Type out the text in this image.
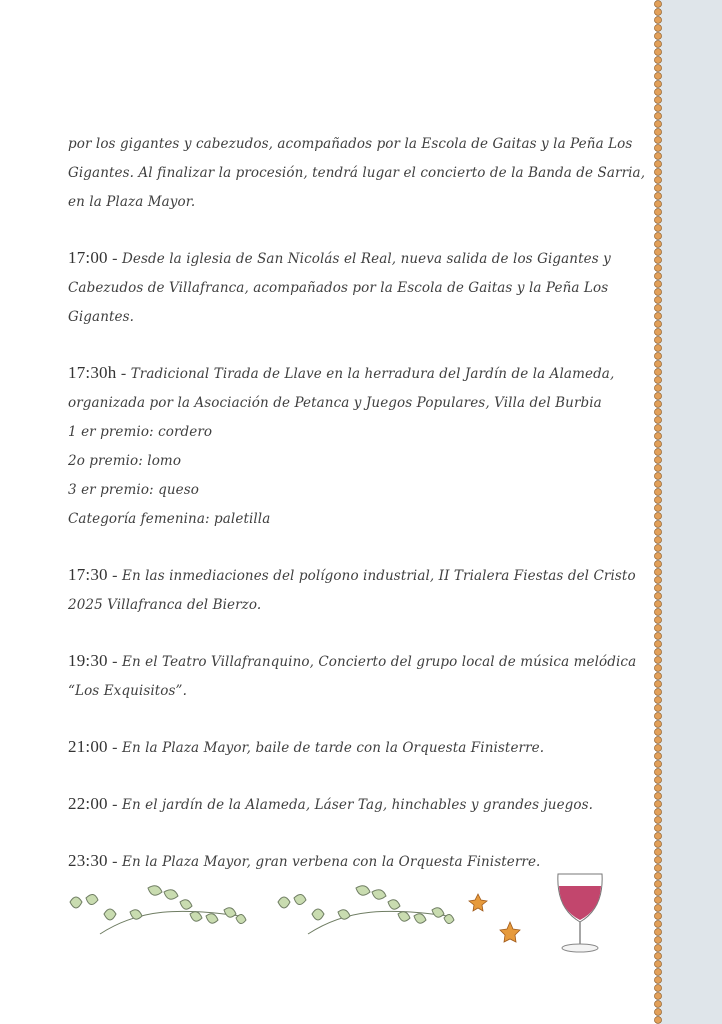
por los gigantes y cabezudos, acompañados por la Escola de Gaitas y la Peña Los
Gigantes. Al finalizar la procesión, tendrá lugar el concierto de la Banda de Sarria,
en la Plaza Mayor.

17:00 - Desde la iglesia de San Nicolás el Real, nueva salida de los Gigantes y
Cabezudos de Villafranca, acompañados por la Escola de Gaitas y la Peña Los
Gigantes.

17:30h - Tradicional Tirada de Llave en la herradura del Jardín de la Alameda,
organizada por la Asociación de Petanca y Juegos Populares, Villa del Burbia
1 er premio: cordero
2o premio: lomo
3 er premio: queso
Categoría femenina: paletilla

17:30 - En las inmediaciones del polígono industrial, II Trialera Fiestas del Cristo
2025 Villafranca del Bierzo.

19:30 - En el Teatro Villafranquino, Concierto del grupo local de música melódica
“Los Exquisitos”.

21:00 - En la Plaza Mayor, baile de tarde con la Orquesta Finisterre.

22:00 - En el jardín de la Alameda, Láser Tag, hinchables y grandes juegos.

23:30 - En la Plaza Mayor, gran verbena con la Orquesta Finisterre.
